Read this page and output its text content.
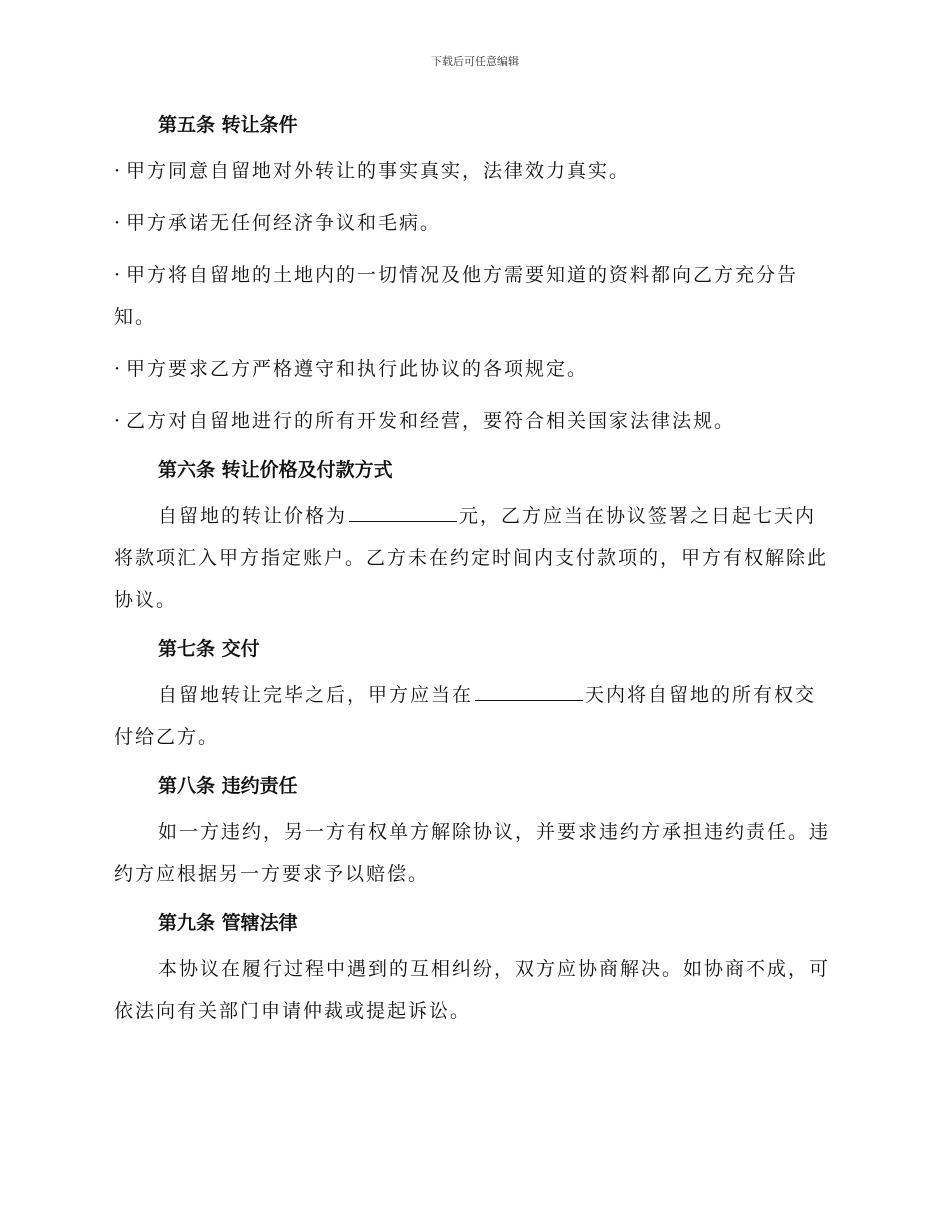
下载后可任意编辑
第五条 转让条件

· 甲方同意自留地对外转让的事实真实，法律效力真实。

· 甲方承诺无任何经济争议和毛病。

· 甲方将自留地的土地内的一切情况及他方需要知道的资料都向乙方充分告知。

· 甲方要求乙方严格遵守和执行此协议的各项规定。

· 乙方对自留地进行的所有开发和经营，要符合相关国家法律法规。

第六条 转让价格及付款方式

自留地的转让价格为	元，乙方应当在协议签署之日起七天内将款项汇入甲方指定账户。乙方未在约定时间内支付款项的，甲方有权解除此协议。

第七条 交付

自留地转让完毕之后，甲方应当在	天内将自留地的所有权交付给乙方。

第八条 违约责任

如一方违约，另一方有权单方解除协议，并要求违约方承担违约责任。违约方应根据另一方要求予以赔偿。

第九条 管辖法律

本协议在履行过程中遇到的互相纠纷，双方应协商解决。如协商不成，可依法向有关部门申请仲裁或提起诉讼。
